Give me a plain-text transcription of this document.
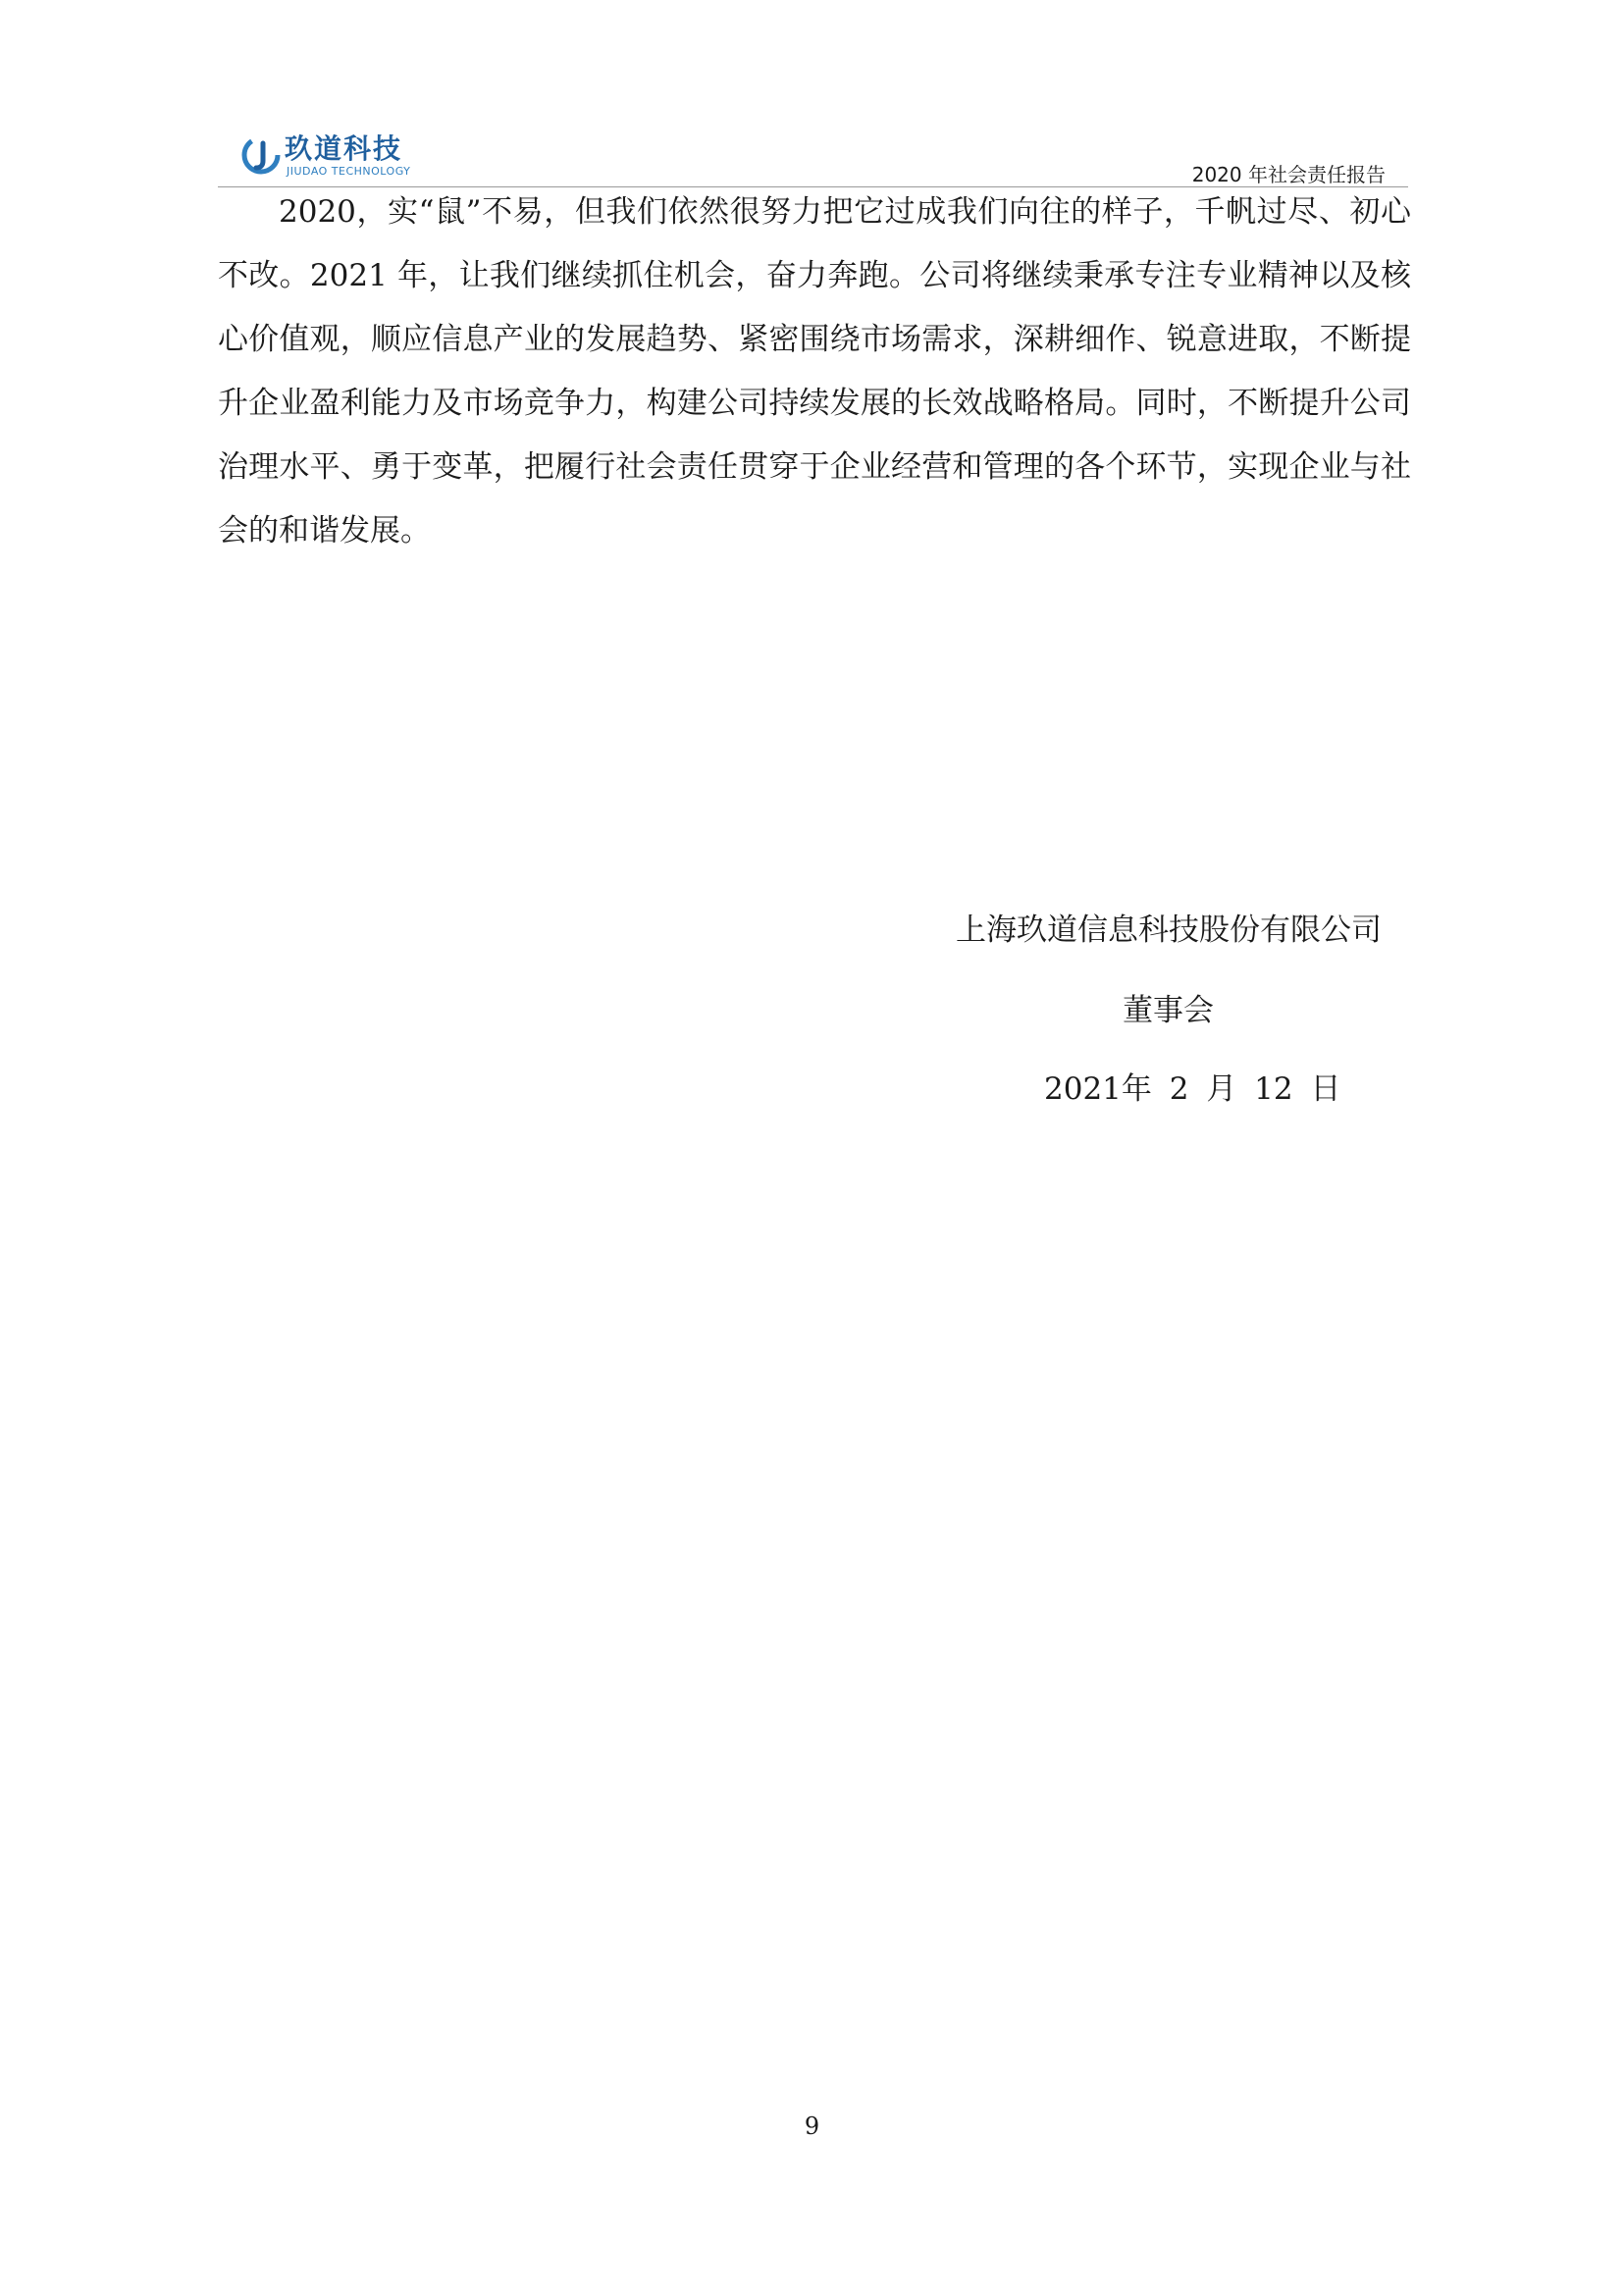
玖道科技
JIUDAO TECHNOLOGY	2020 年社会责任报告

2020，实“鼠”不易，但我们依然很努力把它过成我们向往的样子，千帆过尽、初心不改。2021 年，让我们继续抓住机会，奋力奔跑。公司将继续秉承专注专业精神以及核心价值观，顺应信息产业的发展趋势、紧密围绕市场需求，深耕细作、锐意进取，不断提升企业盈利能力及市场竞争力，构建公司持续发展的长效战略格局。同时，不断提升公司治理水平、勇于变革，把履行社会责任贯穿于企业经营和管理的各个环节，实现企业与社会的和谐发展。

上海玖道信息科技股份有限公司
董事会
2021年 2 月 12 日
9
